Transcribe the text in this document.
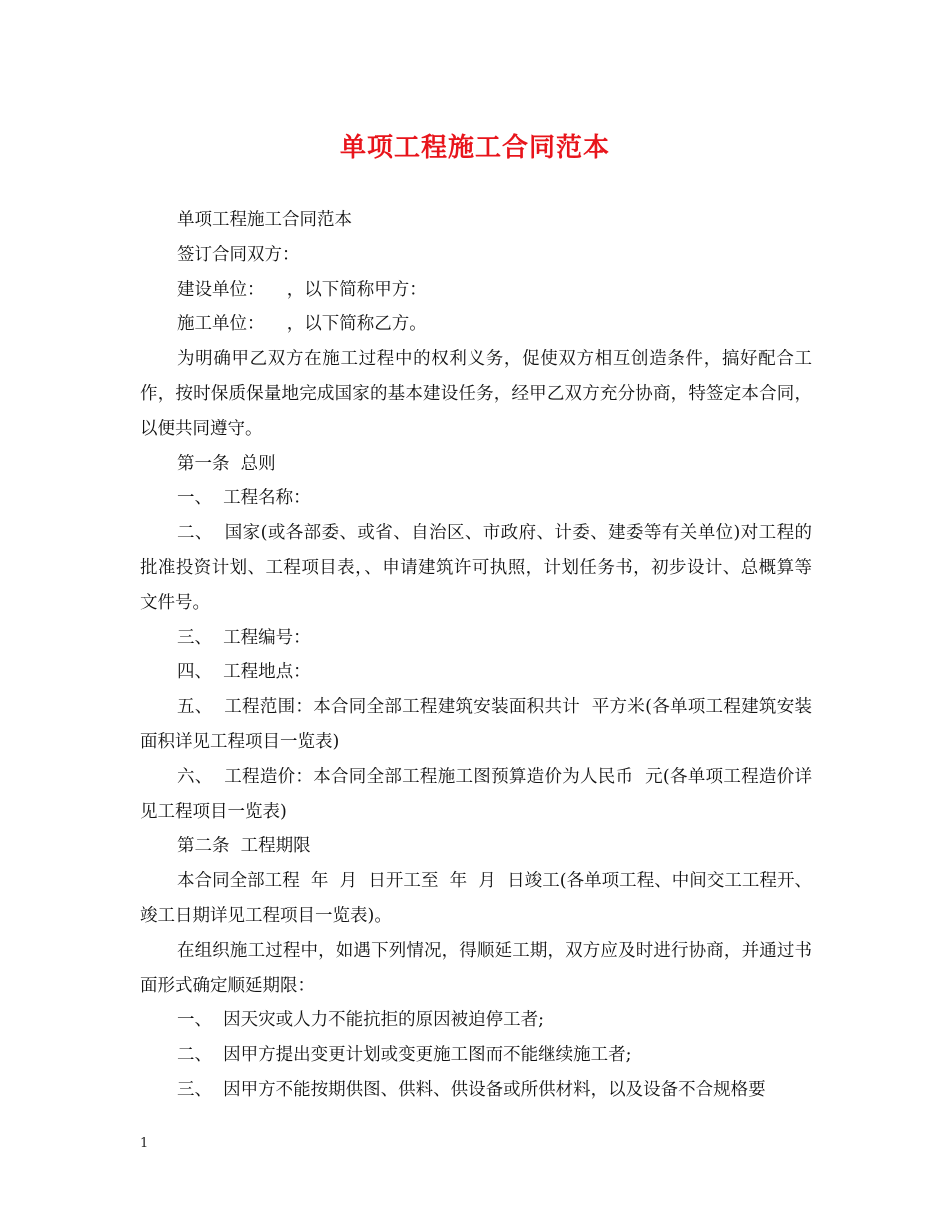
单项工程施工合同范本

单项工程施工合同范本

签订合同双方：

建设单位：    ，以下简称甲方：

施工单位：    ，以下简称乙方。

为明确甲乙双方在施工过程中的权利义务，促使双方相互创造条件，搞好配合工作，按时保质保量地完成国家的基本建设任务，经甲乙双方充分协商，特签定本合同，以便共同遵守。

第一条  总则

一、  工程名称：

二、  国家(或各部委、或省、自治区、市政府、计委、建委等有关单位)对工程的批准投资计划、工程项目表，、申请建筑许可执照，计划任务书，初步设计、总概算等文件号。

三、  工程编号：

四、  工程地点：

五、  工程范围：本合同全部工程建筑安装面积共计  平方米(各单项工程建筑安装面积详见工程项目一览表)

六、  工程造价：本合同全部工程施工图预算造价为人民币  元(各单项工程造价详见工程项目一览表)

第二条  工程期限

本合同全部工程  年  月  日开工至  年  月  日竣工(各单项工程、中间交工工程开、竣工日期详见工程项目一览表)。

在组织施工过程中，如遇下列情况，得顺延工期，双方应及时进行协商，并通过书面形式确定顺延期限：

一、  因天灾或人力不能抗拒的原因被迫停工者;

二、  因甲方提出变更计划或变更施工图而不能继续施工者;

三、  因甲方不能按期供图、供料、供设备或所供材料，以及设备不合规格要

1
